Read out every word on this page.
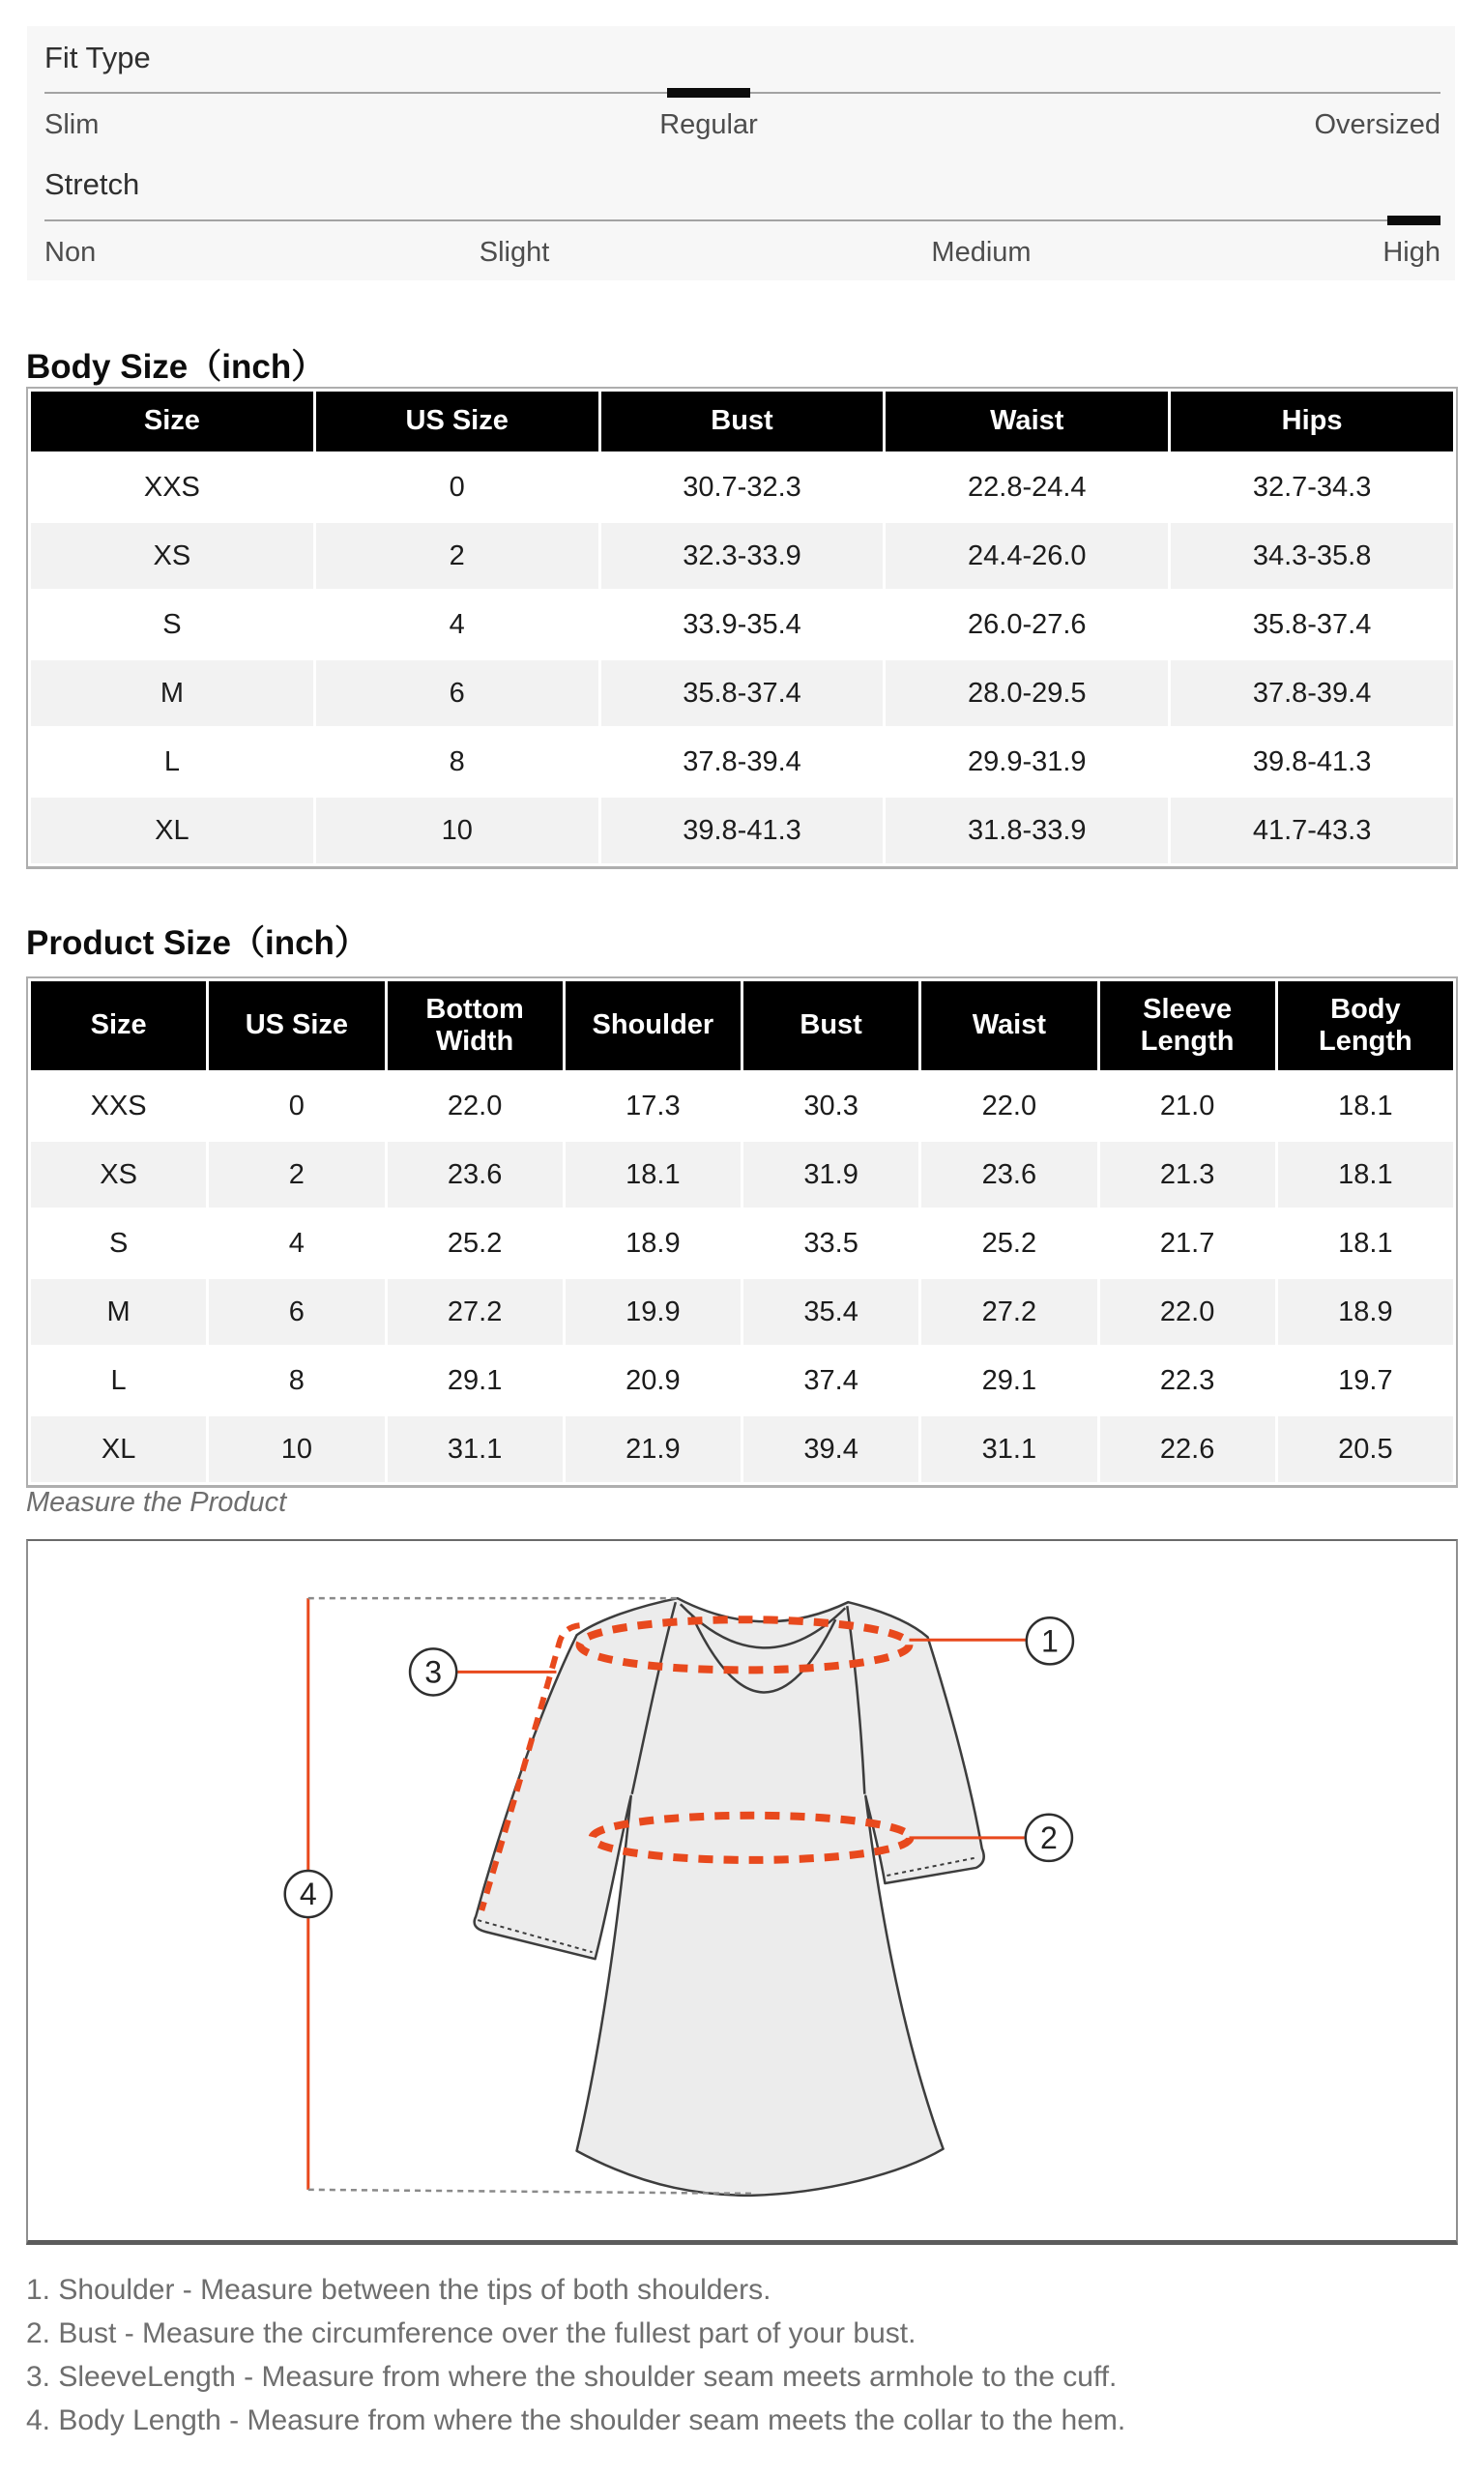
Fit Type
Slim	Regular	Oversized
Stretch
Non	Slight	Medium	High
Body Size（inch）
Size	US Size	Bust	Waist	Hips
XXS	0	30.7-32.3	22.8-24.4	32.7-34.3
XS	2	32.3-33.9	24.4-26.0	34.3-35.8
S	4	33.9-35.4	26.0-27.6	35.8-37.4
M	6	35.8-37.4	28.0-29.5	37.8-39.4
L	8	37.8-39.4	29.9-31.9	39.8-41.3
XL	10	39.8-41.3	31.8-33.9	41.7-43.3
Product Size（inch）
Size	US Size	Bottom Width	Shoulder	Bust	Waist	Sleeve Length	Body Length
XXS	0	22.0	17.3	30.3	22.0	21.0	18.1
XS	2	23.6	18.1	31.9	23.6	21.3	18.1
S	4	25.2	18.9	33.5	25.2	21.7	18.1
M	6	27.2	19.9	35.4	27.2	22.0	18.9
L	8	29.1	20.9	37.4	29.1	22.3	19.7
XL	10	31.1	21.9	39.4	31.1	22.6	20.5
Measure the Product
1
2
3
4
1. Shoulder - Measure between the tips of both shoulders.
2. Bust - Measure the circumference over the fullest part of your bust.
3. SleeveLength - Measure from where the shoulder seam meets armhole to the cuff.
4. Body Length - Measure from where the shoulder seam meets the collar to the hem.
